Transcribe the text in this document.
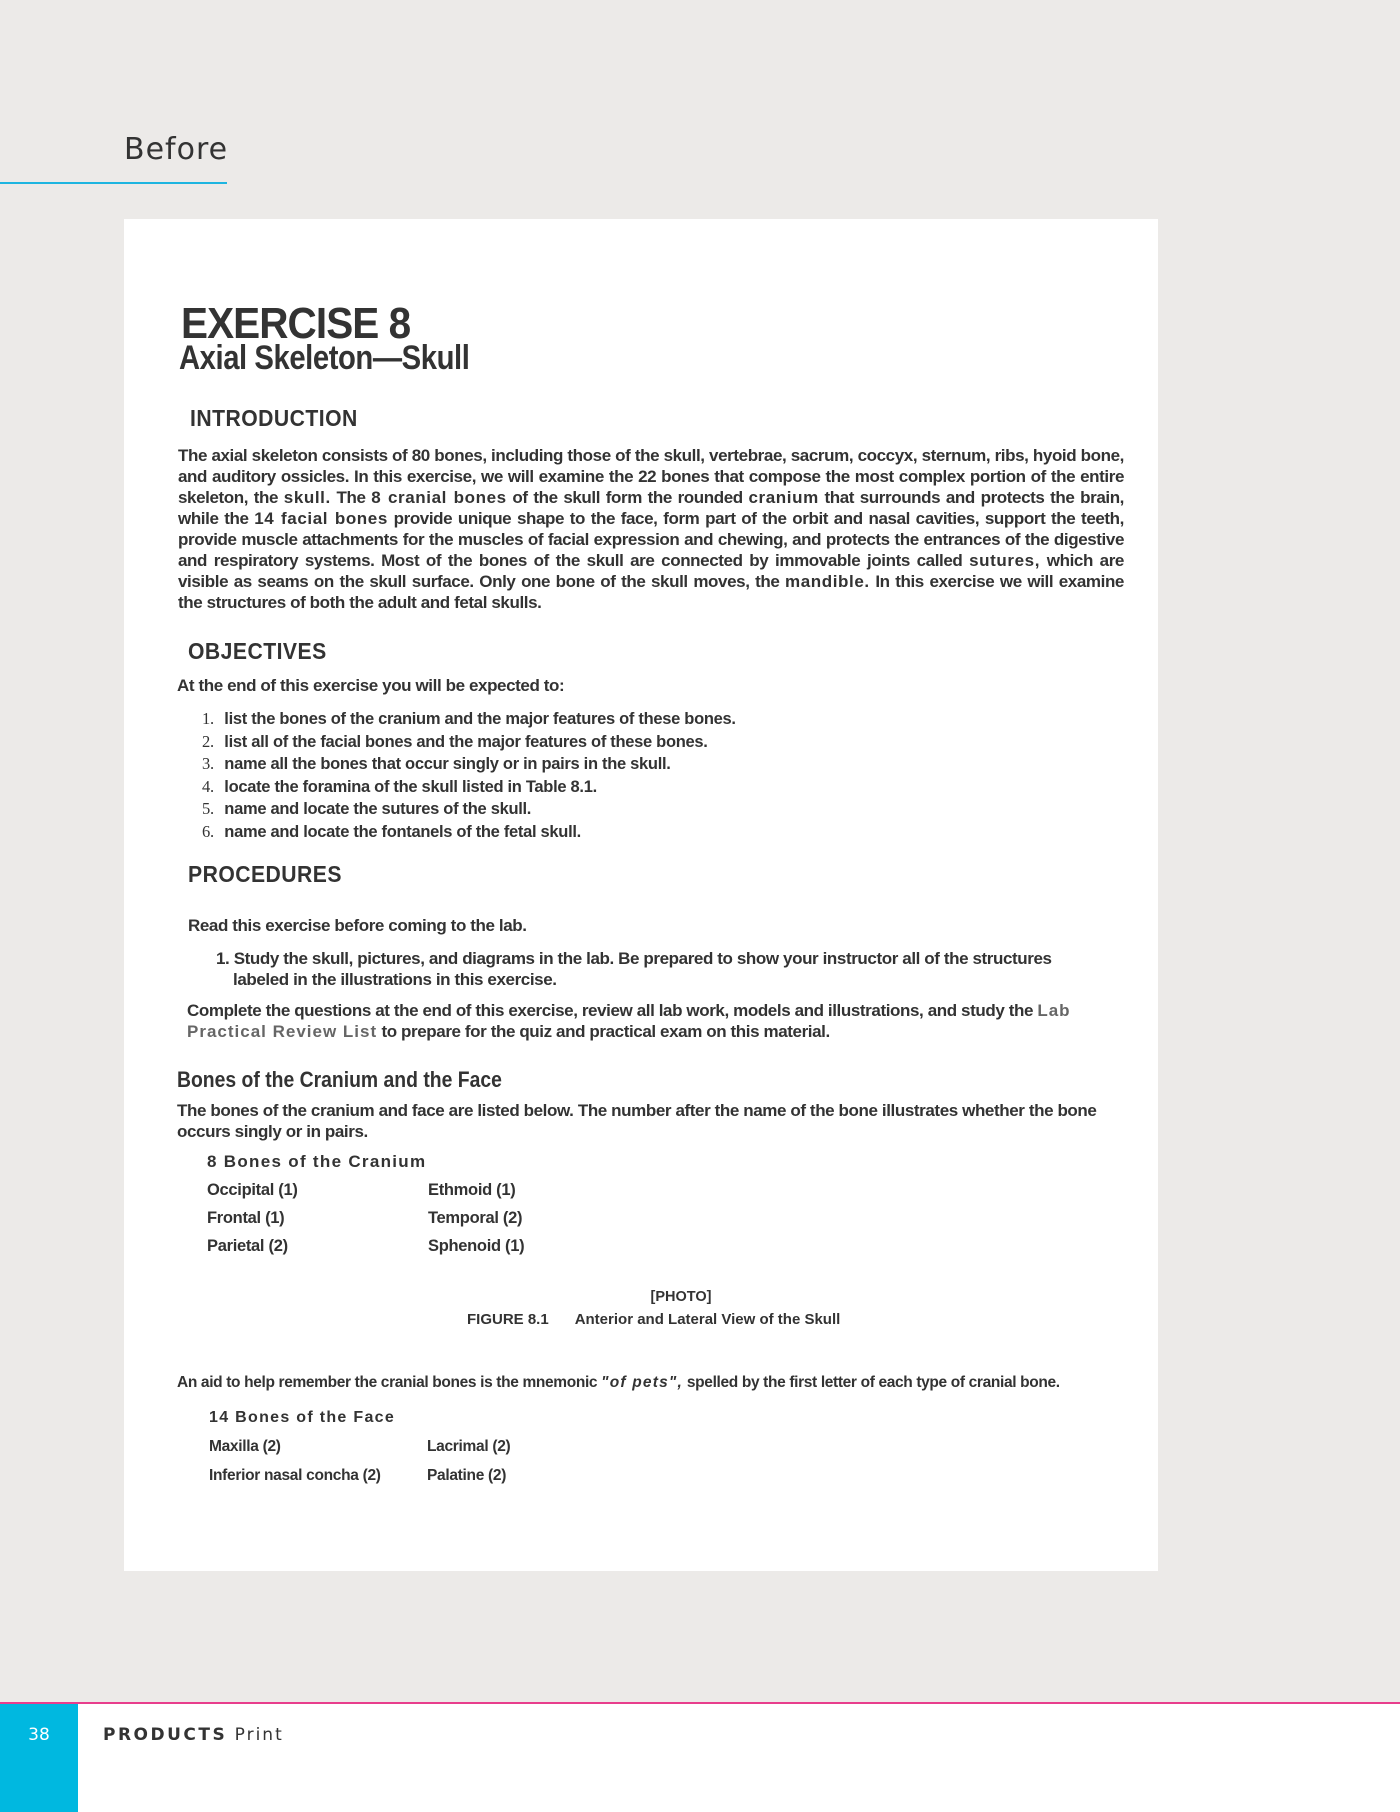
Before
EXERCISE 8
Axial Skeleton—Skull
INTRODUCTION

The axial skeleton consists of 80 bones, including those of the skull, vertebrae, sacrum, coccyx, sternum, ribs, hyoid bone, and auditory ossicles. In this exercise, we will examine the 22 bones that compose the most complex portion of the entire skeleton, the skull. The 8 cranial bones of the skull form the rounded cranium that surrounds and protects the brain, while the 14 facial bones provide unique shape to the face, form part of the orbit and nasal cavities, support the teeth, provide muscle attachments for the muscles of facial expression and chewing, and protects the entrances of the digestive and respiratory systems. Most of the bones of the skull are connected by immovable joints called sutures, which are visible as seams on the skull surface. Only one bone of the skull moves, the mandible. In this exercise we will examine the structures of both the adult and fetal skulls.

OBJECTIVES

At the end of this exercise you will be expected to:

1. list the bones of the cranium and the major features of these bones.
2. list all of the facial bones and the major features of these bones.
3. name all the bones that occur singly or in pairs in the skull.
4. locate the foramina of the skull listed in Table 8.1.
5. name and locate the sutures of the skull.
6. name and locate the fontanels of the fetal skull.
PROCEDURES

Read this exercise before coming to the lab.

1. Study the skull, pictures, and diagrams in the lab. Be prepared to show your instructor all of the structures
labeled in the illustrations in this exercise.

Complete the questions at the end of this exercise, review all lab work, models and illustrations, and study the Lab
Practical Review List to prepare for the quiz and practical exam on this material.

Bones of the Cranium and the Face

The bones of the cranium and face are listed below. The number after the name of the bone illustrates whether the bone occurs singly or in pairs.

8 Bones of the Cranium
Occipital (1)	Ethmoid (1)
Frontal (1)	Temporal (2)
Parietal (2)	Sphenoid (1)
[PHOTO]
FIGURE 8.1 Anterior and Lateral View of the Skull
An aid to help remember the cranial bones is the mnemonic "of pets", spelled by the first letter of each type of cranial bone.
14 Bones of the Face
Maxilla (2)	Lacrimal (2)
Inferior nasal concha (2)	Palatine (2)
38	PRODUCTS Print
